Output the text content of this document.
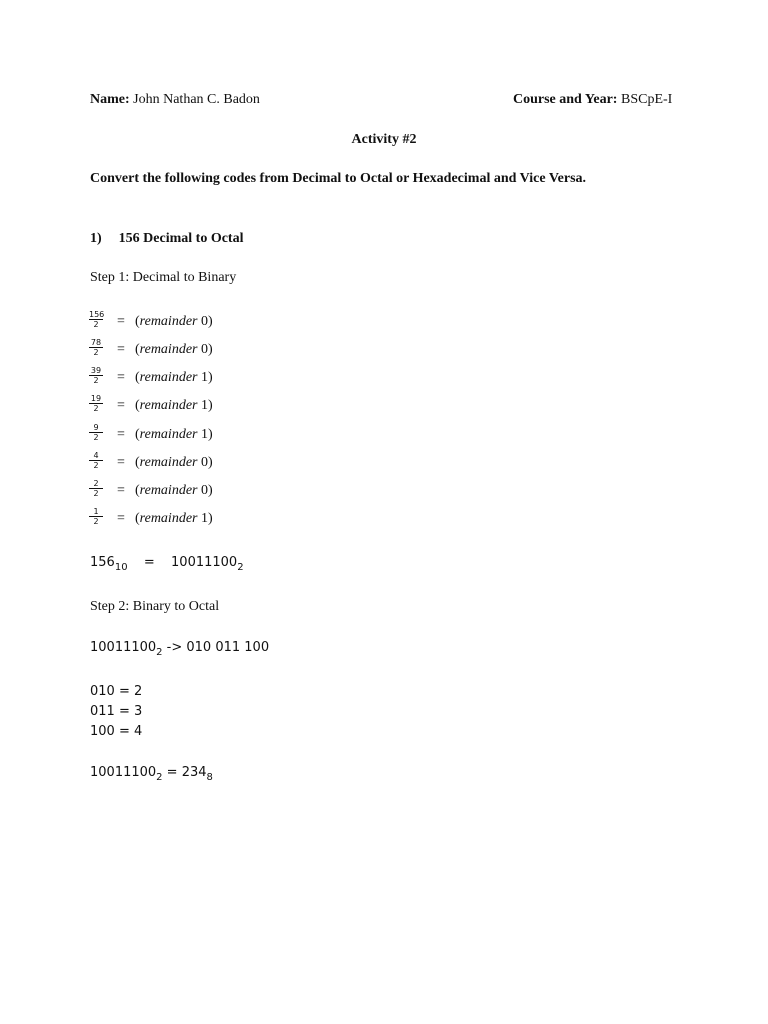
Name: John Nathan C. Badon	Course and Year: BSCpE-I
Activity #2
Convert the following codes from Decimal to Octal or Hexadecimal and Vice Versa.
1) 156 Decimal to Octal
Step 1: Decimal to Binary
$\frac{156}{2}$ = (remainder 0)
$\frac{78}{2}$ = (remainder 0)
$\frac{39}{2}$ = (remainder 1)
$\frac{19}{2}$ = (remainder 1)
$\frac{9}{2}$ = (remainder 1)
$\frac{4}{2}$ = (remainder 0)
$\frac{2}{2}$ = (remainder 0)
$\frac{1}{2}$ = (remainder 1)
$156_{10} = 10011100_2$
Step 2: Binary to Octal
$10011100_2 -> 010$ 011 100
010 = 2
011 = 3
100 = 4
$10011100_2 = 234_8$
